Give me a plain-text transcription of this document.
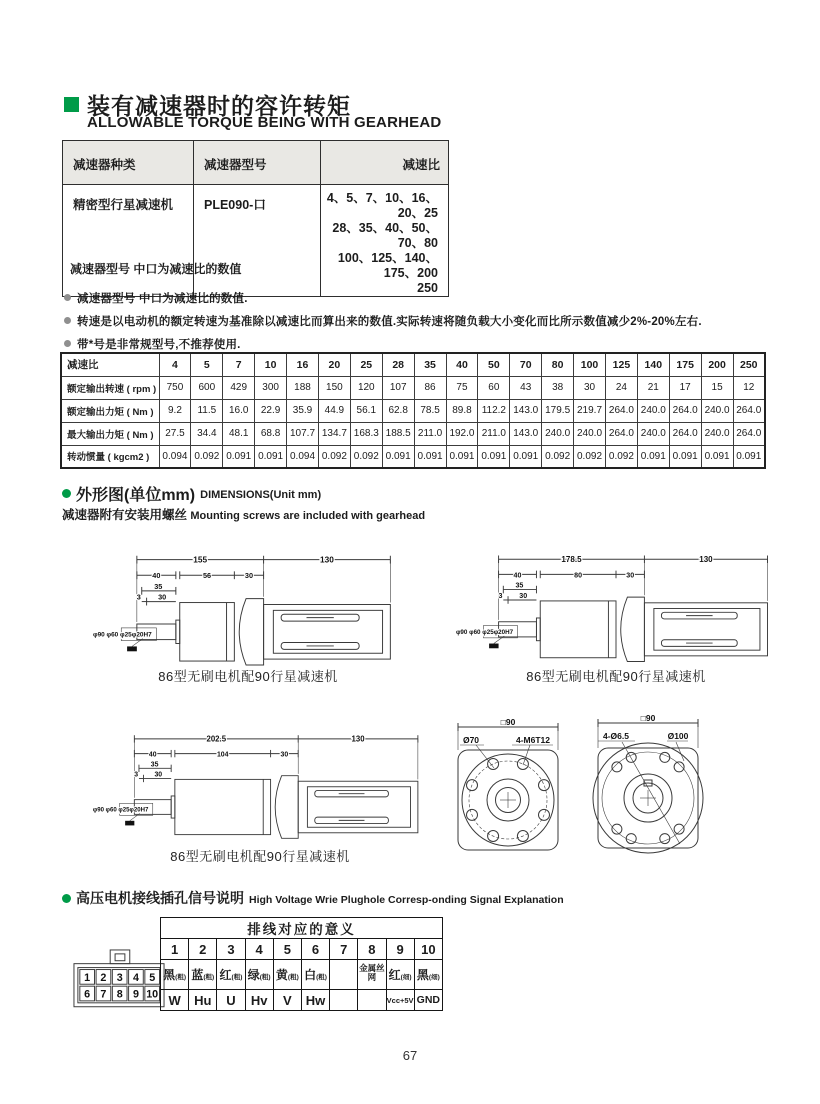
装有减速器时的容许转矩
ALLOWABLE TORQUE BEING WITH GEARHEAD
减速器种类	减速器型号	减速比
精密型行星减速机	PLE090-口	4、5、7、10、16、20、25
28、35、40、50、70、80
100、125、140、175、200
250
减速器型号 中口为减速比的数值
减速器型号 中口为减速比的数值.
转速是以电动机的额定转速为基准除以减速比而算出来的数值.实际转速将随负载大小变化而比所示数值减少2%-20%左右.
带*号是非常规型号,不推荐使用.
减速比	4	5	7	10	16	20	25	28	35	40	50	70	80	100	125	140	175	200	250
额定输出转速 ( rpm )	750	600	429	300	188	150	120	107	86	75	60	43	38	30	24	21	17	15	12
额定输出力矩 ( Nm )	9.2	11.5	16.0	22.9	35.9	44.9	56.1	62.8	78.5	89.8	112.2	143.0	179.5	219.7	264.0	240.0	264.0	240.0	264.0
最大输出力矩 ( Nm )	27.5	34.4	48.1	68.8	107.7	134.7	168.3	188.5	211.0	192.0	211.0	143.0	240.0	240.0	264.0	240.0	264.0	240.0	264.0
转动惯量 ( kgcm2 )	0.094	0.092	0.091	0.091	0.094	0.092	0.092	0.091	0.091	0.091	0.091	0.091	0.092	0.092	0.092	0.091	0.091	0.091	0.091
外形图(单位mm) DIMENSIONS(Unit mm)
减速器附有安装用螺丝 Mounting screws are included with gearhead
155	130
40	56	30
35
30
3
φ90 φ60 φ25φ20H7
86型无刷电机配90行星减速机
178.5	130
40	80	30
35
30
3
φ90 φ60 φ25φ20H7
86型无刷电机配90行星减速机
202.5	130
40	104	30
35
30
3
φ90 φ60 φ25φ20H7
86型无刷电机配90行星减速机
□90
Ø70	4-M6T12
□90
4-Ø6.5	Ø100
高压电机接线插孔信号说明 High Voltage Wrie Plughole Corresp-onding Signal Explanation
1 2 3 4 5
6 7 8 9 10
排线对应的意义									
1	2	3	4	5	6	7	8	9	10
黑(粗)	蓝(粗)	红(粗)	绿(粗)	黄(粗)	白(粗)		金属丝网	红(细)	黑(细)
W	Hu	U	Hv	V	Hw			Vcc+5V	GND
67
